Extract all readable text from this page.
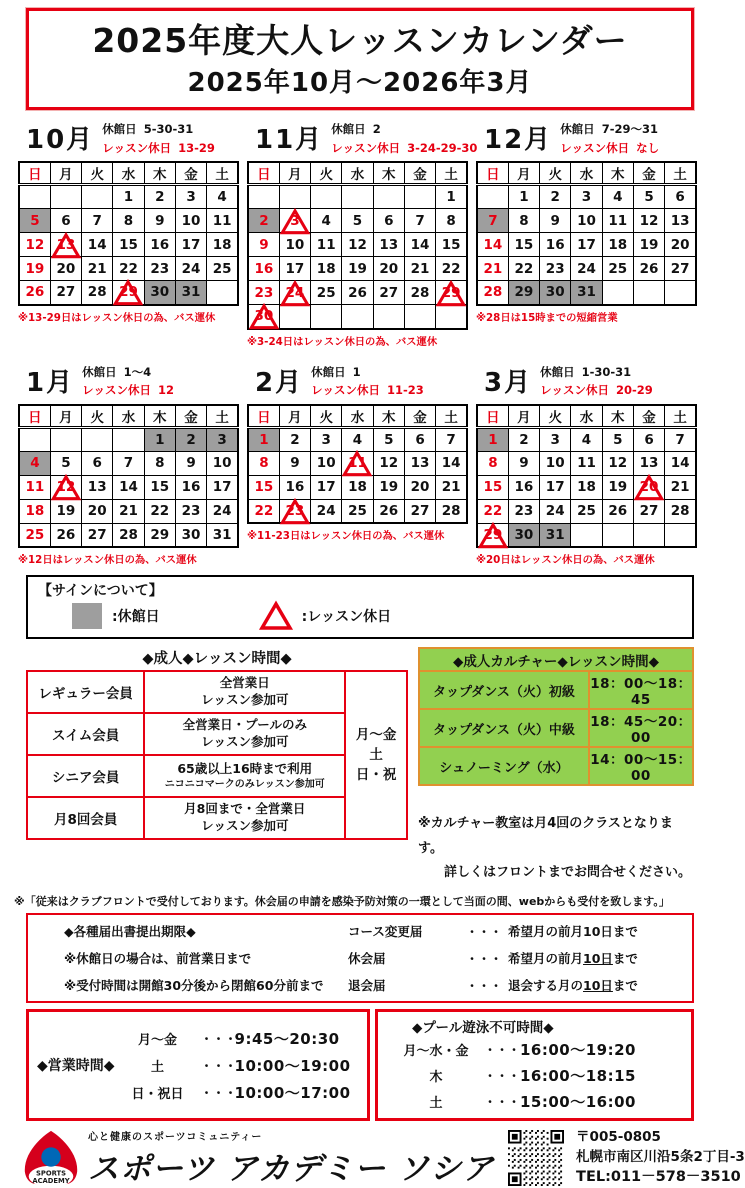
2025年度大人レッスンカレンダー
2025年10月～2026年3月
10月 休館日 5-30-31
レッスン休日 13-29
日	月	火	水	木	金	土
			1	2	3	4
5	6	7	8	9	10	11
12	13	14	15	16	17	18
19	20	21	22	23	24	25
26	27	28	29	30	31	
※13-29日はレッスン休日の為、バス運休
11月 休館日 2
レッスン休日 3-24-29-30
日	月	火	水	木	金	土
						1
2	3	4	5	6	7	8
9	10	11	12	13	14	15
16	17	18	19	20	21	22
23	24	25	26	27	28	29

30						
※3-24日はレッスン休日の為、バス運休
12月 休館日 7-29～31
レッスン休日 なし
日	月	火	水	木	金	土
	1	2	3	4	5	6
7	8	9	10	11	12	13
14	15	16	17	18	19	20
21	22	23	24	25	26	27
28	29	30	31			
※28日は15時までの短縮営業
1月 休館日 1～4
レッスン休日 12
日	月	火	水	木	金	土
				1	2	3
4	5	6	7	8	9	10
11	12	13	14	15	16	17
18	19	20	21	22	23	24
25	26	27	28	29	30	31
※12日はレッスン休日の為、バス運休
2月 休館日 1
レッスン休日 11-23
日	月	火	水	木	金	土
1	2	3	4	5	6	7
8	9	10	11	12	13	14
15	16	17	18	19	20	21
22	23	24	25	26	27	28
※11-23日はレッスン休日の為、バス運休
3月 休館日 1-30-31
レッスン休日 20-29
日	月	火	水	木	金	土
1	2	3	4	5	6	7
8	9	10	11	12	13	14
15	16	17	18	19	20	21
22	23	24	25	26	27	28

29	30	31				
※20日はレッスン休日の為、バス運休
【サインについて】
:休館日	:レッスン休日
◆成人◆レッスン時間◆
レギュラー会員	全営業日
レッスン参加可	
月～金
土
日・祝

スイム会員	全営業日・プールのみ
レッスン参加可	
シニア会員	65歳以上16時まで利用
ニコニコマークのみレッスン参加可	

月8回会員	月8回まで・全営業日
レッスン参加可	
◆成人カルチャー◆レッスン時間◆	
タップダンス（火）初級	18：00～18：45
タップダンス（火）中級	18：45～20：00
シュノーミング（水）	14：00～15：00
※カルチャー教室は月4回のクラスとなります。
詳しくはフロントまでお問合せください。
※「従来はクラブフロントで受付しております。休会届の申請を感染予防対策の一環として当面の間、webからも受付を致します。」
◆各種届出書提出期限◆	コース変更届	・・・ 希望月の前月10日まで
※休館日の場合は、前営業日まで	休会届	・・・ 希望月の前月10日まで
※受付時間は開館30分後から閉館60分前まで	退会届	・・・ 退会する月の10日まで
◆営業時間◆
月～金	・・・
9:45～20:30
土	・・・
10:00～19:00
日・祝日	・・・
10:00～17:00
◆プール遊泳不可時間◆
月～水・金	・・・ 16:00～19:20
木	・・・ 16:00～18:15
土	・・・ 15:00～16:00
SPORTS
ACADEMY
心と健康のスポーツコミュニティー
スポーツ アカデミー ソシア
〒005-0805
札幌市南区川沿5条2丁目-3
TEL:011－578－3510
